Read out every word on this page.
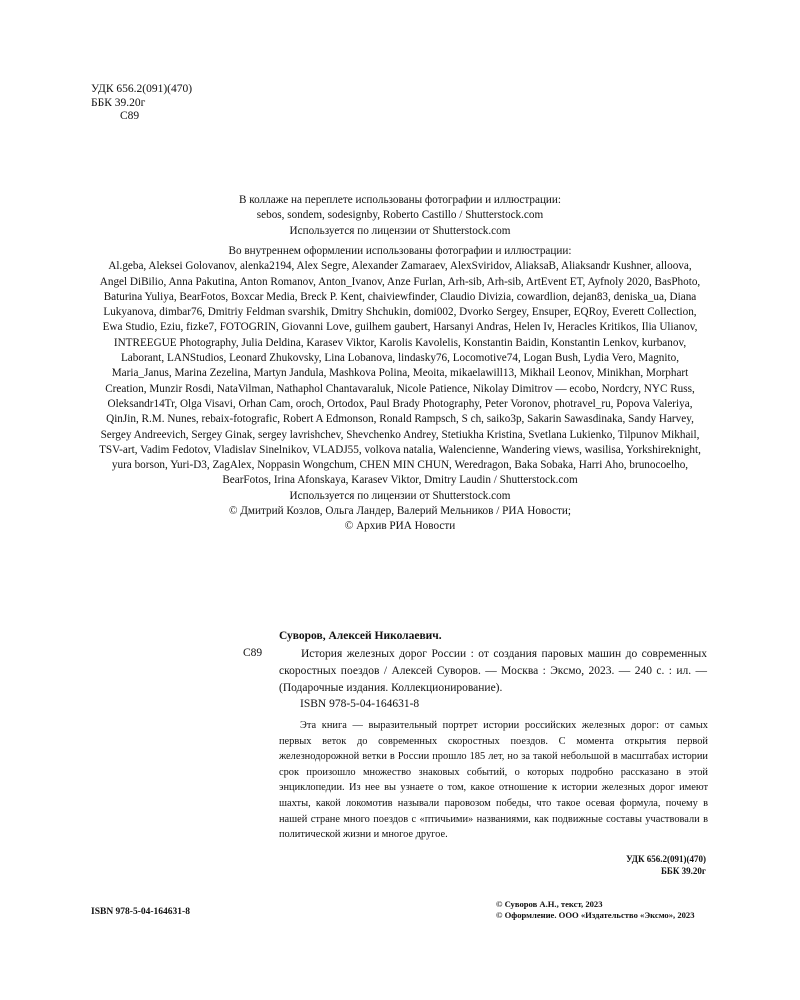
УДК 656.2(091)(470)
ББК 39.20г
С89
В коллаже на переплете использованы фотографии и иллюстрации:
sebos, sondem, sodesignby, Roberto Castillo / Shutterstock.com
Используется по лицензии от Shutterstock.com
Во внутреннем оформлении использованы фотографии и иллюстрации:
Al.geba, Aleksei Golovanov, alenka2194, Alex Segre, Alexander Zamaraev, AlexSviridov, AliaksaB, Aliaksandr Kushner, alloova, Angel DiBilio, Anna Pakutina, Anton Romanov, Anton_Ivanov, Anze Furlan, Arh-sib, Arh-sib, ArtEvent ET, Ayfnoly 2020, BasPhoto, Baturina Yuliya, BearFotos, Boxcar Media, Breck P. Kent, chaiviewfinder, Claudio Divizia, cowardlion, dejan83, deniska_ua, Diana Lukyanova, dimbar76, Dmitriy Feldman svarshik, Dmitry Shchukin, domi002, Dvorko Sergey, Ensuper, EQRoy, Everett Collection, Ewa Studio, Eziu, fizke7, FOTOGRIN, Giovanni Love, guilhem gaubert, Harsanyi Andras, Helen Iv, Heracles Kritikos, Ilia Ulianov, INTREEGUE Photography, Julia Deldina, Karasev Viktor, Karolis Kavolelis, Konstantin Baidin, Konstantin Lenkov, kurbanov, Laborant, LANStudios, Leonard Zhukovsky, Lina Lobanova, lindasky76, Locomotive74, Logan Bush, Lydia Vero, Magnito, Maria_Janus, Marina Zezelina, Martyn Jandula, Mashkova Polina, Meoita, mikaelawill13, Mikhail Leonov, Minikhan, Morphart Creation, Munzir Rosdi, NataVilman, Nathaphol Chantavaraluk, Nicole Patience, Nikolay Dimitrov — ecobo, Nordcry, NYC Russ, Oleksandr14Tr, Olga Visavi, Orhan Cam, oroch, Ortodox, Paul Brady Photography, Peter Voronov, photravel_ru, Popova Valeriya, QinJin, R.M. Nunes, rebaix-fotografic, Robert A Edmonson, Ronald Rampsch, S ch, saiko3p, Sakarin Sawasdinaka, Sandy Harvey, Sergey Andreevich, Sergey Ginak, sergey lavrishchev, Shevchenko Andrey, Stetiukha Kristina, Svetlana Lukienko, Tilpunov Mikhail, TSV-art, Vadim Fedotov, Vladislav Sinelnikov, VLADJ55, volkova natalia, Walencienne, Wandering views, wasilisa, Yorkshireknight, yura borson, Yuri-D3, ZagAlex, Noppasin Wongchum, CHEN MIN CHUN, Weredragon, Baka Sobaka, Harri Aho, brunocoelho, BearFotos, Irina Afonskaya, Karasev Viktor, Dmitry Laudin / Shutterstock.com
Используется по лицензии от Shutterstock.com
© Дмитрий Козлов, Ольга Ландер, Валерий Мельников / РИА Новости;
© Архив РИА Новости
Суворов, Алексей Николаевич.
С89	История железных дорог России : от создания паровых машин до современных скоростных поездов / Алексей Суворов. — Москва : Эксмо, 2023. — 240 с. : ил. — (Подарочные издания. Коллекционирование).
ISBN 978-5-04-164631-8
Эта книга — выразительный портрет истории российских железных дорог: от самых первых веток до современных скоростных поездов. С момента открытия первой железнодорожной ветки в России прошло 185 лет, но за такой небольшой в масштабах истории срок произошло множество знаковых событий, о которых подробно рассказано в этой энциклопедии. Из нее вы узнаете о том, какое отношение к истории железных дорог имеют шахты, какой локомотив называли паровозом победы, что такое осевая формула, почему в нашей стране много поездов с «птичьими» названиями, как подвижные составы участвовали в политической жизни и многое другое.
УДК 656.2(091)(470)
ББК 39.20г
ISBN 978-5-04-164631-8
© Суворов А.Н., текст, 2023
© Оформление. ООО «Издательство «Эксмо», 2023
